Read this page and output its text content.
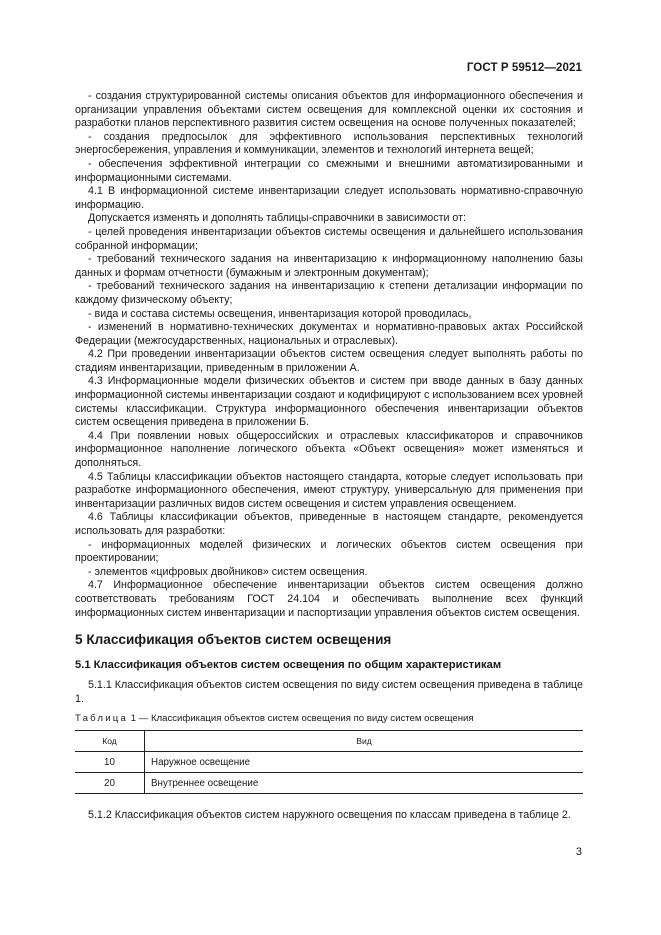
ГОСТ Р 59512—2021
- создания структурированной системы описания объектов для информационного обеспечения и организации управления объектами систем освещения для комплексной оценки их состояния и разработки планов перспективного развития систем освещения на основе полученных показателей;
- создания предпосылок для эффективного использования перспективных технологий энергосбережения, управления и коммуникации, элементов и технологий интернета вещей;
- обеспечения эффективной интеграции со смежными и внешними автоматизированными и информационными системами.
4.1 В информационной системе инвентаризации следует использовать нормативно-справочную информацию.
Допускается изменять и дополнять таблицы-справочники в зависимости от:
- целей проведения инвентаризации объектов системы освещения и дальнейшего использования собранной информации;
- требований технического задания на инвентаризацию к информационному наполнению базы данных и формам отчетности (бумажным и электронным документам);
- требований технического задания на инвентаризацию к степени детализации информации по каждому физическому объекту;
- вида и состава системы освещения, инвентаризация которой проводилась,
- изменений в нормативно-технических документах и нормативно-правовых актах Российской Федерации (межгосударственных, национальных и отраслевых).
4.2 При проведении инвентаризации объектов систем освещения следует выполнять работы по стадиям инвентаризации, приведенным в приложении А.
4.3 Информационные модели физических объектов и систем при вводе данных в базу данных информационной системы инвентаризации создают и кодифицируют с использованием всех уровней системы классификации. Структура информационного обеспечения инвентаризации объектов систем освещения приведена в приложении Б.
4.4 При появлении новых общероссийских и отраслевых классификаторов и справочников информационное наполнение логического объекта «Объект освещения» может изменяться и дополняться.
4.5 Таблицы классификации объектов настоящего стандарта, которые следует использовать при разработке информационного обеспечения, имеют структуру, универсальную для применения при инвентаризации различных видов систем освещения и систем управления освещением.
4.6 Таблицы классификации объектов, приведенные в настоящем стандарте, рекомендуется использовать для разработки:
- информационных моделей физических и логических объектов систем освещения при проектировании;
- элементов «цифровых двойников» систем освещения.
4.7 Информационное обеспечение инвентаризации объектов систем освещения должно соответствовать требованиям ГОСТ 24.104 и обеспечивать выполнение всех функций информационных систем инвентаризации и паспортизации управления объектов систем освещения.
5 Классификация объектов систем освещения
5.1 Классификация объектов систем освещения по общим характеристикам
5.1.1 Классификация объектов систем освещения по виду систем освещения приведена в таблице 1.
Таблица 1 — Классификация объектов систем освещения по виду систем освещения
Код	Вид
10	Наружное освещение
20	Внутреннее освещение
5.1.2 Классификация объектов систем наружного освещения по классам приведена в таблице 2.
3
